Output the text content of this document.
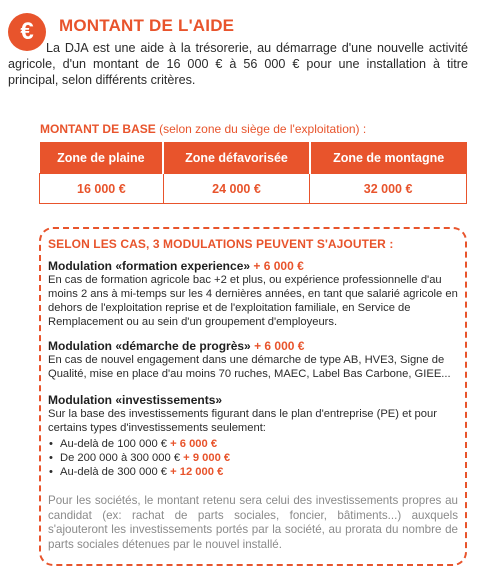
€ MONTANT DE L'AIDE
La DJA est une aide à la trésorerie, au démarrage d'une nouvelle activité agricole, d'un montant de 16 000 € à 56 000 € pour une installation à titre principal, selon différents critères.
MONTANT DE BASE (selon zone du siège de l'exploitation) :
Zone de plaine	Zone défavorisée	Zone de montagne
16 000 €	24 000 €	32 000 €
SELON LES CAS, 3 MODULATIONS PEUVENT S'AJOUTER :
Modulation «formation experience» + 6 000 €
En cas de formation agricole bac +2 et plus, ou expérience professionnelle d'au moins 2 ans à mi-temps sur les 4 dernières années, en tant que salarié agricole en dehors de l'exploitation reprise et de l'exploitation familiale, en Service de Remplacement ou au sein d'un groupement d'employeurs.
Modulation «démarche de progrès» + 6 000 €
En cas de nouvel engagement dans une démarche de type AB, HVE3, Signe de Qualité, mise en place d'au moins 70 ruches, MAEC, Label Bas Carbone, GIEE...
Modulation «investissements»
Sur la base des investissements figurant dans le plan d'entreprise (PE) et pour certains types d'investissements seulement:
• Au-delà de 100 000 € + 6 000 €
• De 200 000 à 300 000 € + 9 000 €
• Au-delà de 300 000 € + 12 000 €
Pour les sociétés, le montant retenu sera celui des investissements propres au candidat (ex: rachat de parts sociales, foncier, bâtiments...) auxquels s'ajouteront les investissements portés par la société, au prorata du nombre de parts sociales détenues par le nouvel installé.
